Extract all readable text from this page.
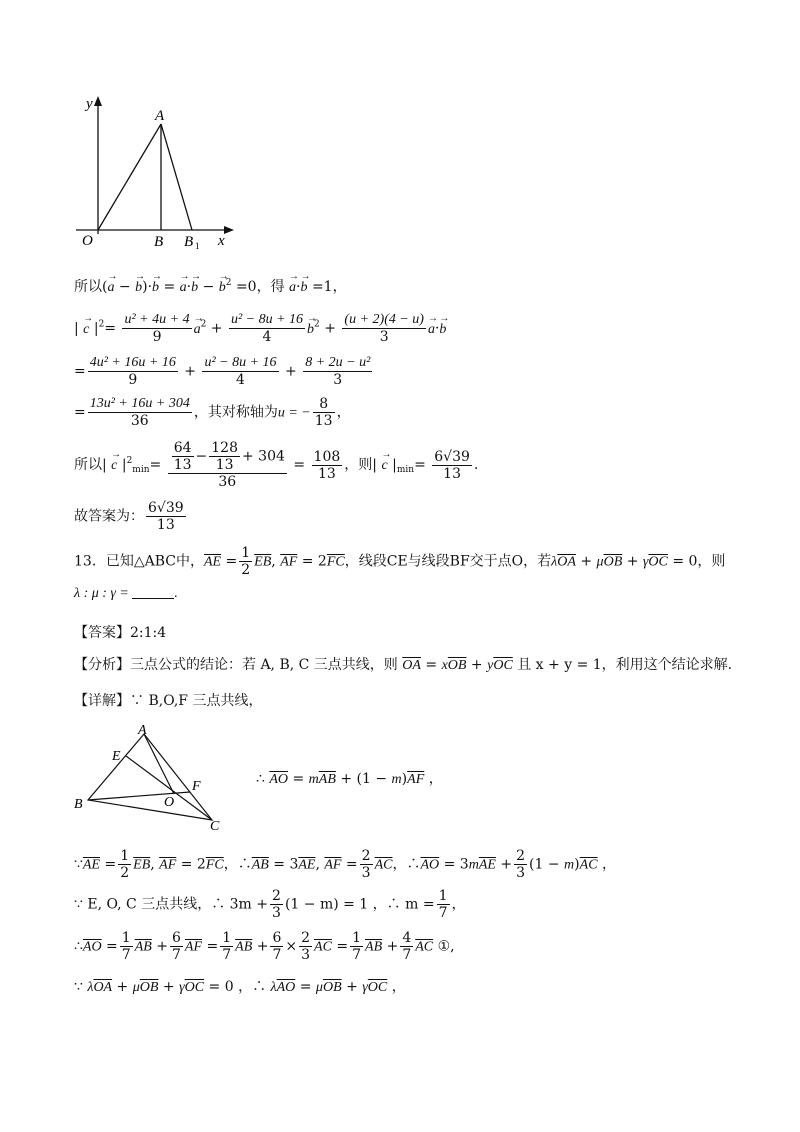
y
A
O	B B 1 x
所以(→ a − → b)·→ b = → a·→ b − → $b^2 =0$，得 → a·→ b =1，
| → c $|^2= \frac{\text{u² + 4u + 4}}{9} \to a^2 + \frac{\text{u² − 8u + 16}}{4} \to b^2 + \frac{(u + 2)(4 - u)}{3} \to a\cdot\to b$
= $\frac{\text{4u² + 16u + 16}}{9} + \frac{\text{u² − 8u + 16}}{4} + \frac{\text{8 + 2u − u²}}{3}$
= $\frac{\text{13u² + 16u + 304}}{36}$ ，其对称轴为u = − $\frac{8}{13}$ ，
所以| → c $|^2_{min}= \frac{\frac{64}{13} - \frac{128}{13} + 304}{36} = \frac{108}{13}$ ，则| → c $|_{min}= \frac{6√39}{13}$ .
故答案为： $\frac{6√39}{13}$
13．已知△ABC中，$\overline{AE} = \frac{1}{2} \overline{EB}$, $\overline{AF} = 2\overline{FC}$，线段CE与线段BF交于点O，若$\lambda\overline{OA} + \mu\overline{OB} + \gamma\overline{OC} = 0$，则
λ : μ : γ =	.
【答案】2:1:4
【分析】三点公式的结论：若 A, B, C 三点共线，则 $\overline{OA} = x\overline{OB} + y\overline{OC}$ 且 x + y = 1，利用这个结论求解.
【详解】∵ B,O,F 三点共线，
A
E
B	O
F
C
∴ $\overline{AO} = m\overline{AB} + (1 - m)\overline{AF}$ ，
$\because\overline{AE} = \frac{1}{2} \overline{EB}$, $\overline{AF} = 2\overline{FC}$，$\therefore\overline{AB} = 3\overline{AE}$, $\overline{AF} = \frac{2}{3} \overline{AC}$，$\therefore\overline{AO} = 3m\overline{AE} + \frac{2}{3} (1 - m)\overline{AC}$ ，
∵ E, O, C 三点共线，∴ $3m + \frac{2}{3} (1 - m) = 1$ ，∴ $m = \frac{1}{7}$ ，
$\therefore\overline{AO} = \frac{1}{7} \overline{AB} + \frac{6}{7} \overline{AF} = \frac{1}{7} \overline{AB} + \frac{6}{7} \times \frac{2}{3} \overline{AC} = \frac{1}{7} \overline{AB} + \frac{4}{7} \overline{AC}$ ①,
∵ $\lambda\overline{OA} + \mu\overline{OB} + \gamma\overline{OC} = 0$ ，∴ $\lambda\overline{AO} = \mu\overline{OB} + \gamma\overline{OC}$ ，
